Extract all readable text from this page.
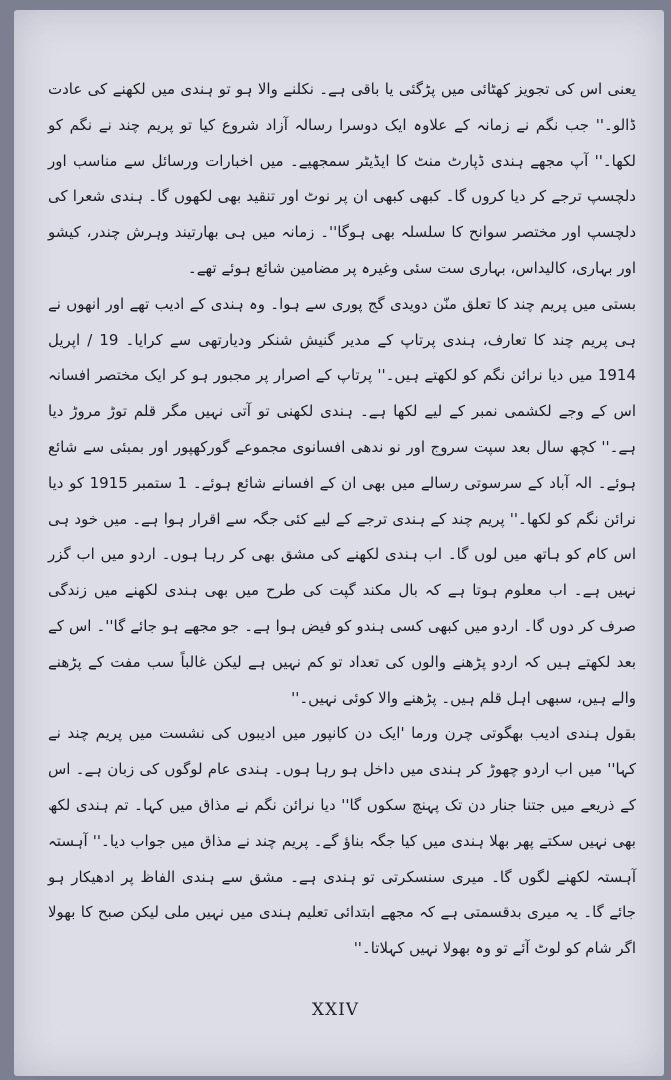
یعنی اس کی تجویز کھٹائی میں پڑگئی یا باقی ہے۔ نکلنے والا ہو تو ہندی میں لکھنے کی عادت ڈالو۔'' جب نگم نے زمانہ کے علاوہ ایک دوسرا رسالہ آزاد شروع کیا تو پریم چند نے نگم کو لکھا۔'' آپ مجھے ہندی ڈپارٹ منٹ کا ایڈیٹر سمجھیے۔ میں اخبارات ورسائل سے مناسب اور دلچسپ ترجے کر دیا کروں گا۔ کبھی کبھی ان پر نوٹ اور تنقید بھی لکھوں گا۔ ہندی شعرا کی دلچسپ اور مختصر سوانح کا سلسلہ بھی ہوگا''۔ زمانہ میں ہی بھارتیند وہرش چندر، کیشو اور بہاری، کالیداس، بہاری ست سئی وغیرہ پر مضامین شائع ہوئے تھے۔

بستی میں پریم چند کا تعلق منّن دویدی گج پوری سے ہوا۔ وہ ہندی کے ادیب تھے اور انھوں نے ہی پریم چند کا تعارف، ہندی پرتاپ کے مدیر گنیش شنکر ودیارتھی سے کرایا۔ 19 / اپریل 1914 میں دیا نرائن نگم کو لکھتے ہیں۔'' پرتاپ کے اصرار پر مجبور ہو کر ایک مختصر افسانہ اس کے وجے لکشمی نمبر کے لیے لکھا ہے۔ ہندی لکھنی تو آتی نہیں مگر قلم توڑ مروڑ دیا ہے۔'' کچھ سال بعد سپت سروج اور نو ندھی افسانوی مجموعے گورکھپور اور بمبئی سے شائع ہوئے۔ الہ آباد کے سرسوتی رسالے میں بھی ان کے افسانے شائع ہوئے۔ 1 ستمبر 1915 کو دیا نرائن نگم کو لکھا۔'' پریم چند کے ہندی ترجے کے لیے کئی جگہ سے اقرار ہوا ہے۔ میں خود ہی اس کام کو ہاتھ میں لوں گا۔ اب ہندی لکھنے کی مشق بھی کر رہا ہوں۔ اردو میں اب گزر نہیں ہے۔ اب معلوم ہوتا ہے کہ بال مکند گپت کی طرح میں بھی ہندی لکھنے میں زندگی صرف کر دوں گا۔ اردو میں کبھی کسی ہندو کو فیض ہوا ہے۔ جو مجھے ہو جائے گا''۔ اس کے بعد لکھتے ہیں کہ اردو پڑھنے والوں کی تعداد تو کم نہیں ہے لیکن غالباً سب مفت کے پڑھنے والے ہیں، سبھی اہل قلم ہیں۔ پڑھنے والا کوئی نہیں۔''

بقول ہندی ادیب بھگوتی چرن ورما 'ایک دن کانپور میں ادیبوں کی نشست میں پریم چند نے کہا'' میں اب اردو چھوڑ کر ہندی میں داخل ہو رہا ہوں۔ ہندی عام لوگوں کی زبان ہے۔ اس کے ذریعے میں جتنا جنار دن تک پہنچ سکوں گا'' دیا نرائن نگم نے مذاق میں کہا۔ تم ہندی لکھ بھی نہیں سکتے پھر بھلا ہندی میں کیا جگہ بناؤ گے۔ پریم چند نے مذاق میں جواب دیا۔'' آہستہ آہستہ لکھنے لگوں گا۔ میری سنسکرتی تو ہندی ہے۔ مشق سے ہندی الفاظ پر ادھیکار ہو جائے گا۔ یہ میری بدقسمتی ہے کہ مجھے ابتدائی تعلیم ہندی میں نہیں ملی لیکن صبح کا بھولا اگر شام کو لوٹ آئے تو وہ بھولا نہیں کہلاتا۔''

XXIV
